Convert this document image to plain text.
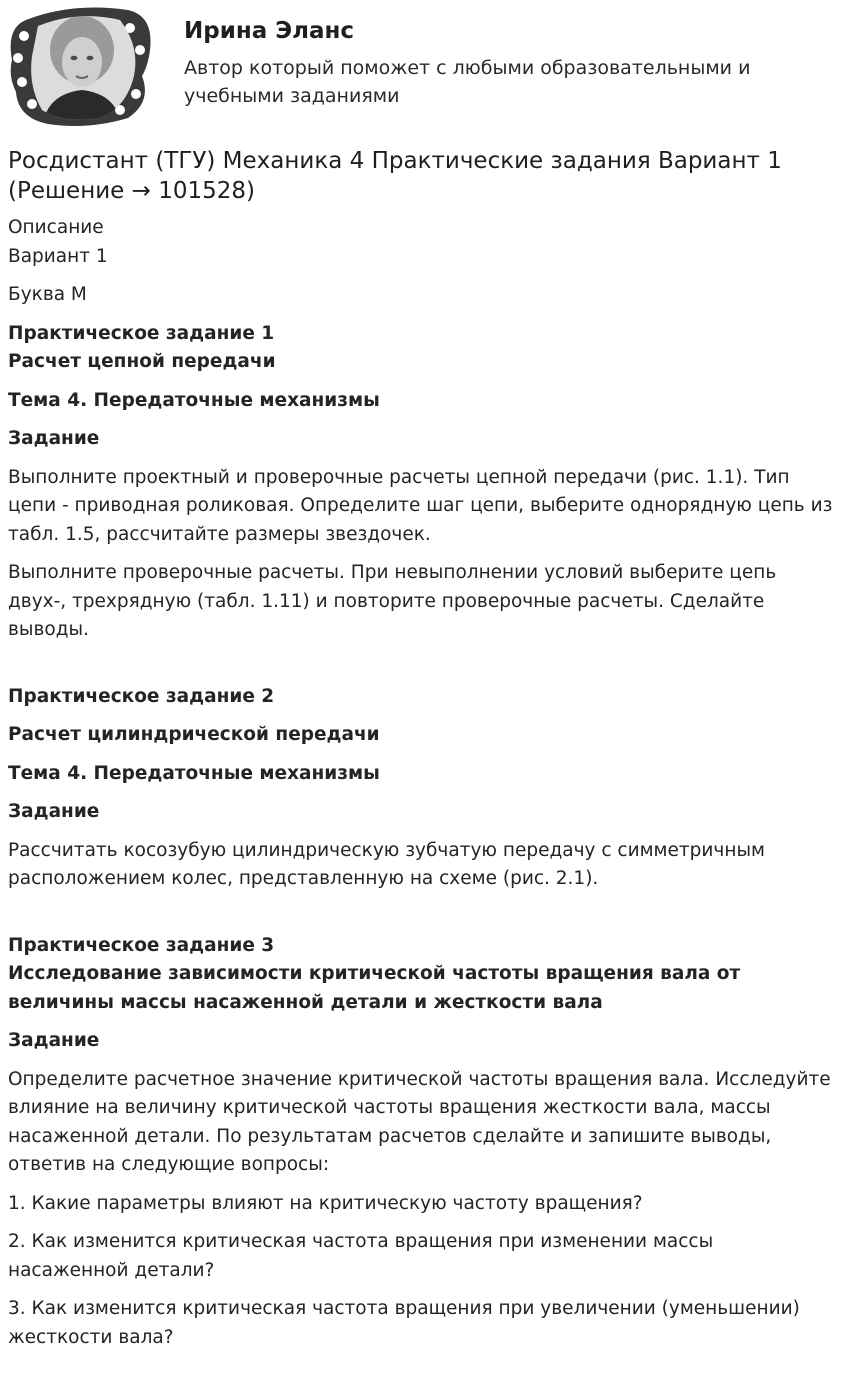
Ирина Эланс
Автор который поможет с любыми образовательными и учебными заданиями
Росдистант (ТГУ) Механика 4 Практические задания Вариант 1 (Решение → 101528)

Описание

Вариант 1

Буква М

Практическое задание 1

Расчет цепной передачи

Тема 4. Передаточные механизмы

Задание

Выполните проектный и проверочные расчеты цепной передачи (рис. 1.1). Тип цепи - приводная роликовая. Определите шаг цепи, выберите однорядную цепь из табл. 1.5, рассчитайте размеры звездочек.

Выполните проверочные расчеты. При невыполнении условий выберите цепь двух-, трехрядную (табл. 1.11) и повторите проверочные расчеты. Сделайте выводы.

Практическое задание 2

Расчет цилиндрической передачи

Тема 4. Передаточные механизмы

Задание

Рассчитать косозубую цилиндрическую зубчатую передачу с симметричным расположением колес, представленную на схеме (рис. 2.1).

Практическое задание 3

Исследование зависимости критической частоты вращения вала от величины массы насаженной детали и жесткости вала

Задание

Определите расчетное значение критической частоты вращения вала. Исследуйте влияние на величину критической частоты вращения жесткости вала, массы насаженной детали. По результатам расчетов сделайте и запишите выводы, ответив на следующие вопросы:

1. Какие параметры влияют на критическую частоту вращения?

2. Как изменится критическая частота вращения при изменении массы насаженной детали?

3. Как изменится критическая частота вращения при увеличении (уменьшении) жесткости вала?
